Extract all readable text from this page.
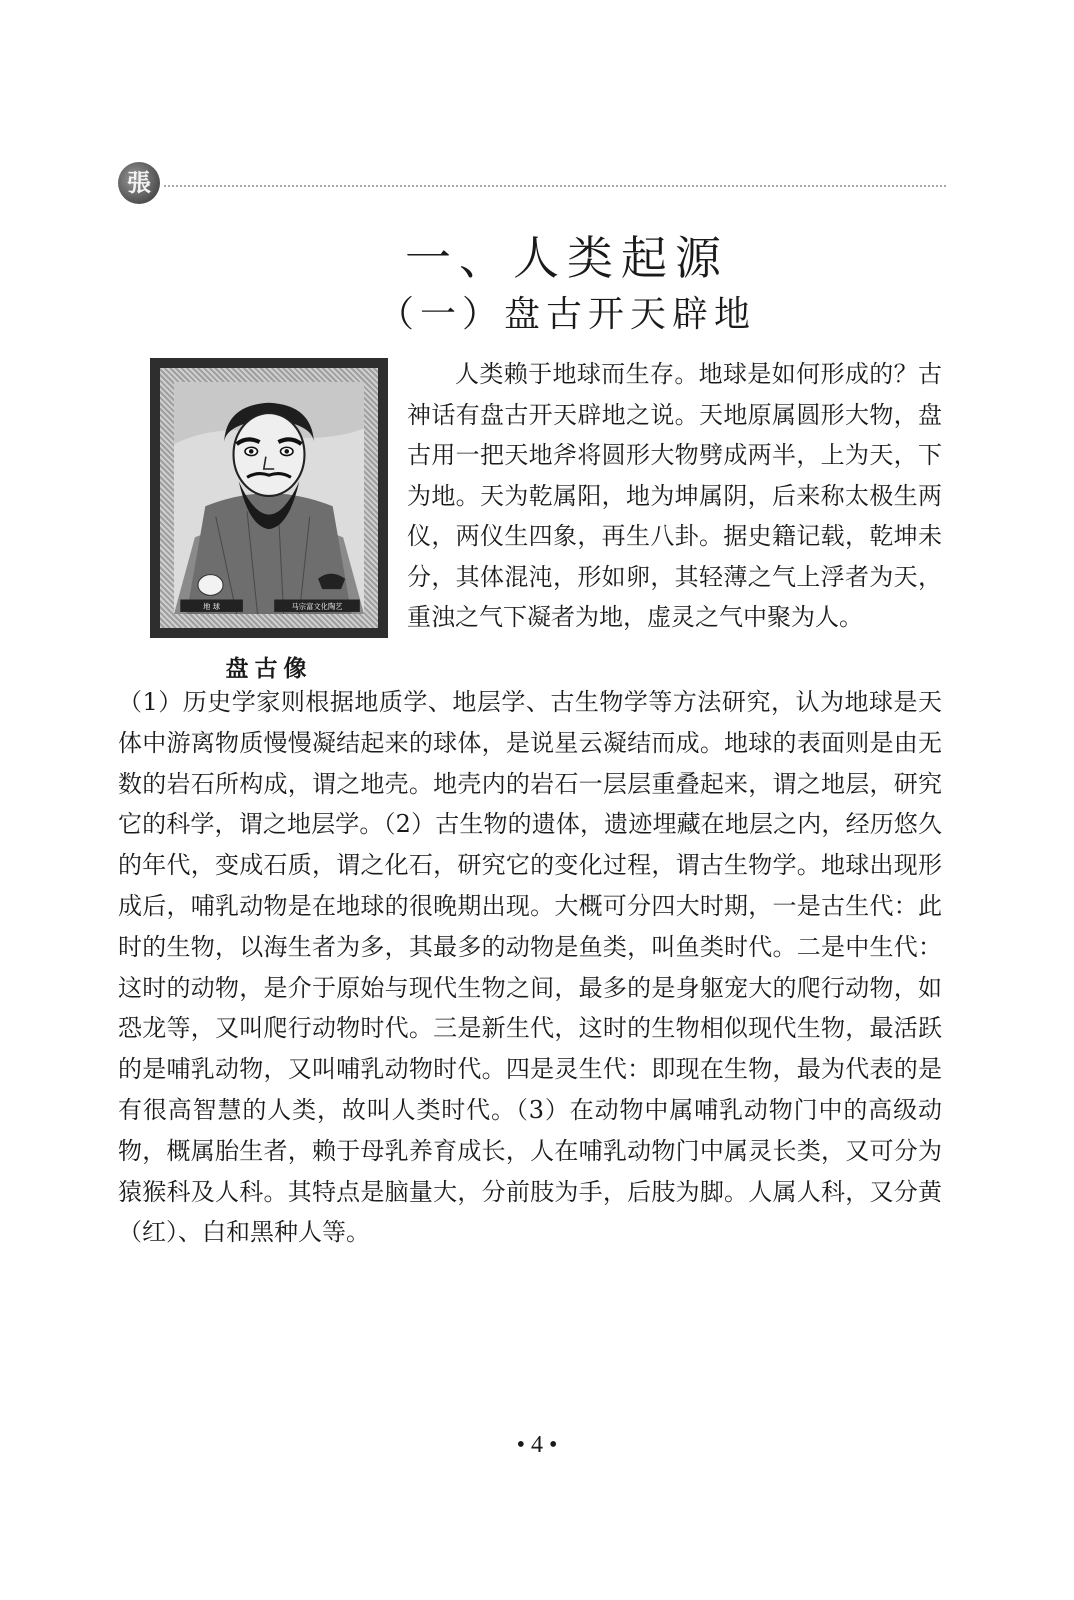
張
一、人类起源
（一）盘古开天辟地
地 球	马宗富文化陶艺
盘古像

人类赖于地球而生存。地球是如何形成的？古神话有盘古开天辟地之说。天地原属圆形大物，盘古用一把天地斧将圆形大物劈成两半，上为天，下为地。天为乾属阳，地为坤属阴，后来称太极生两仪，两仪生四象，再生八卦。据史籍记载，乾坤未分，其体混沌，形如卵，其轻薄之气上浮者为天，重浊之气下凝者为地，虚灵之气中聚为人。

（1）历史学家则根据地质学、地层学、古生物学等方法研究，认为地球是天体中游离物质慢慢凝结起来的球体，是说星云凝结而成。地球的表面则是由无数的岩石所构成，谓之地壳。地壳内的岩石一层层重叠起来，谓之地层，研究它的科学，谓之地层学。（2）古生物的遗体，遗迹埋藏在地层之内，经历悠久的年代，变成石质，谓之化石，研究它的变化过程，谓古生物学。地球出现形成后，哺乳动物是在地球的很晚期出现。大概可分四大时期，一是古生代：此时的生物，以海生者为多，其最多的动物是鱼类，叫鱼类时代。二是中生代：这时的动物，是介于原始与现代生物之间，最多的是身躯宠大的爬行动物，如恐龙等，又叫爬行动物时代。三是新生代，这时的生物相似现代生物，最活跃的是哺乳动物，又叫哺乳动物时代。四是灵生代：即现在生物，最为代表的是有很高智慧的人类，故叫人类时代。（3）在动物中属哺乳动物门中的高级动物，概属胎生者，赖于母乳养育成长，人在哺乳动物门中属灵长类，又可分为猿猴科及人科。其特点是脑量大，分前肢为手，后肢为脚。人属人科，又分黄（红）、白和黑种人等。

• 4 •
